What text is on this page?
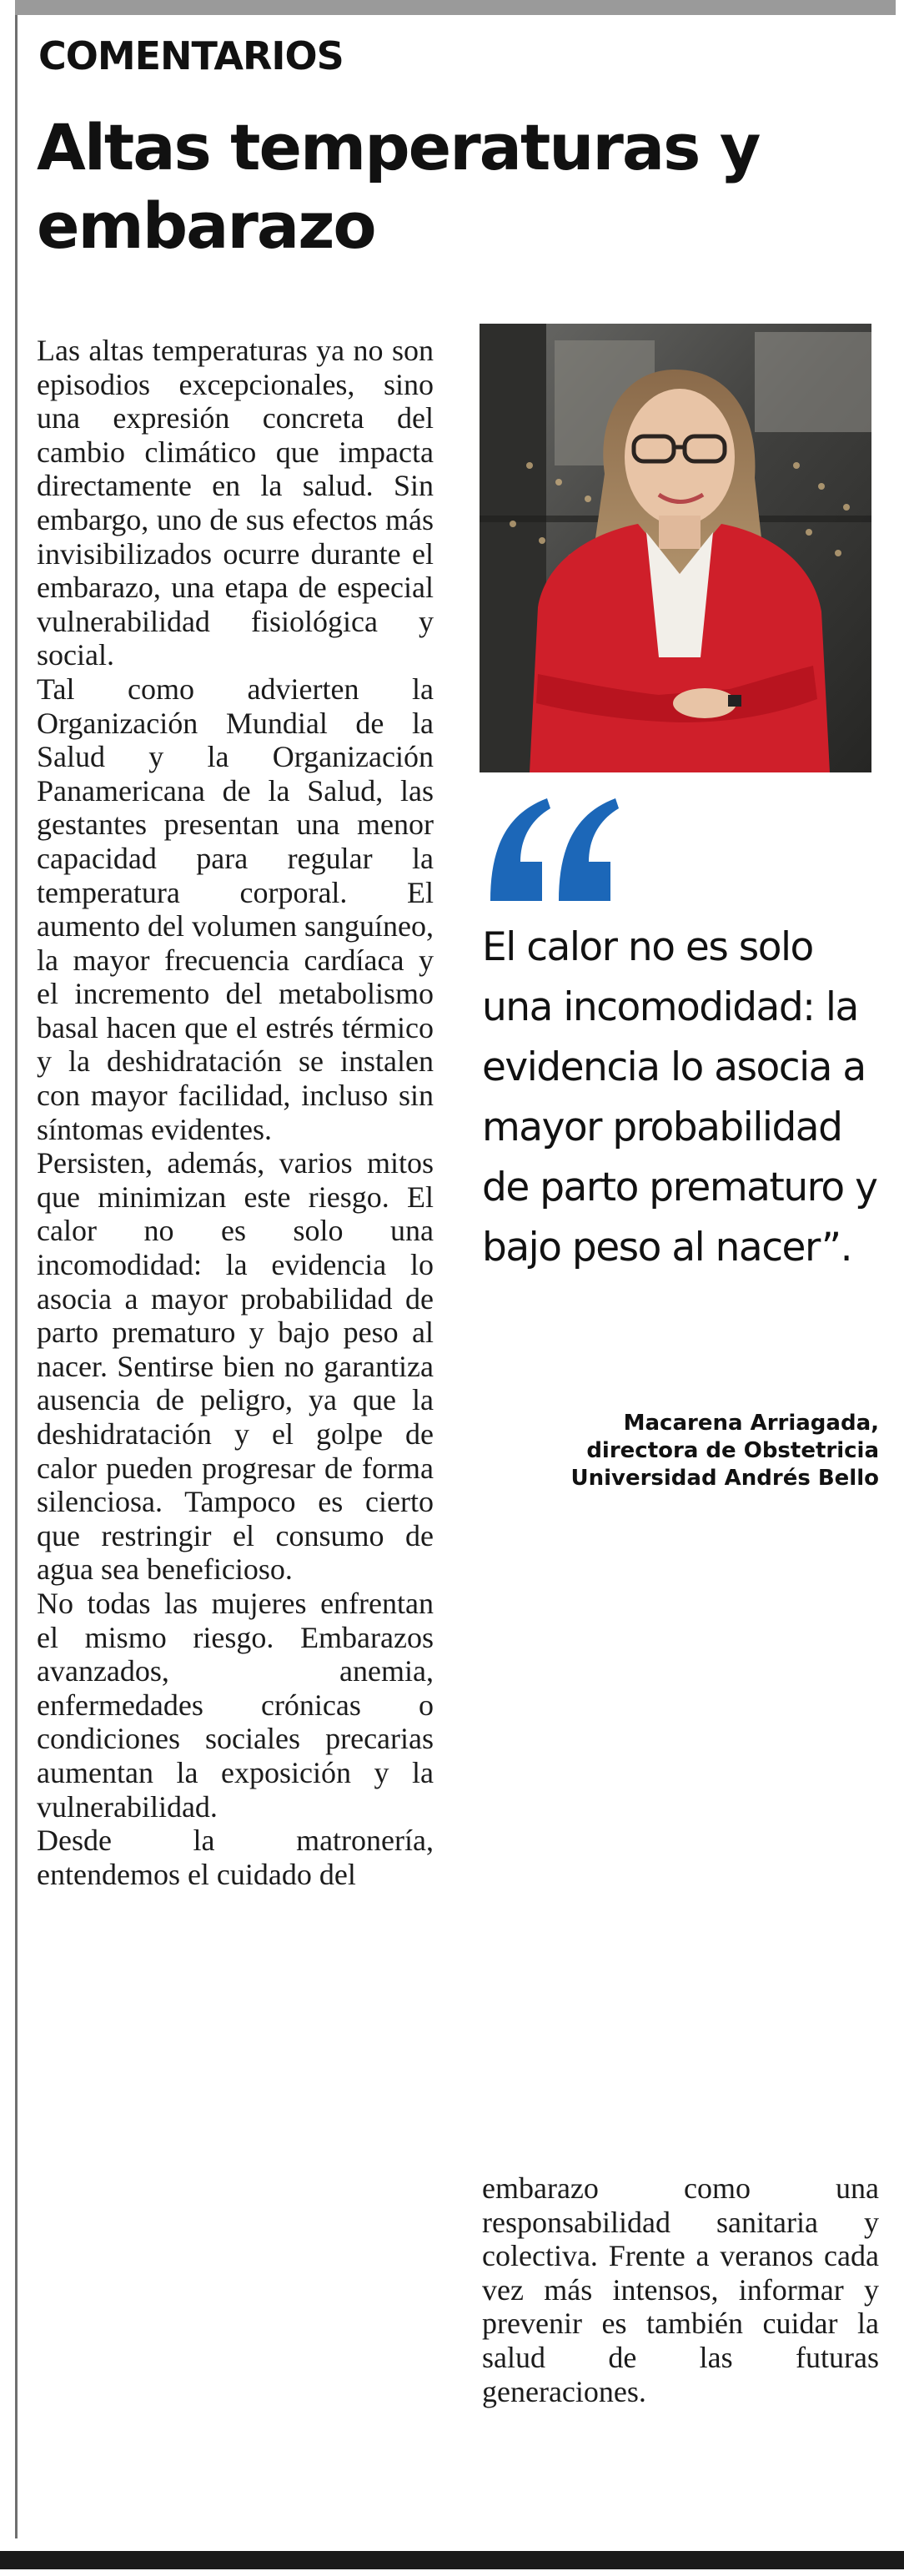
COMENTARIOS
Altas temperaturas y embarazo

Las altas temperaturas ya no son episodios excepcionales, sino una expresión concreta del cambio climático que impacta directamente en la salud. Sin embargo, uno de sus efectos más invisibilizados ocurre durante el embarazo, una etapa de especial vulnerabilidad fisiológica y social.

Tal como advierten la Organización Mundial de la Salud y la Organización Panamericana de la Salud, las gestantes presentan una menor capacidad para regular la temperatura corporal. El aumento del volumen sanguíneo, la mayor frecuencia cardíaca y el incremento del metabolismo basal hacen que el estrés térmico y la deshidratación se instalen con mayor facilidad, incluso sin síntomas evidentes.

Persisten, además, varios mitos que minimizan este riesgo. El calor no es solo una incomodidad: la evidencia lo asocia a mayor probabilidad de parto prematuro y bajo peso al nacer. Sentirse bien no garantiza ausencia de peligro, ya que la deshidratación y el golpe de calor pueden progresar de forma silenciosa. Tampoco es cierto que restringir el consumo de agua sea beneficioso.

No todas las mujeres enfrentan el mismo riesgo. Embarazos avanzados, anemia, enfermedades crónicas o condiciones sociales precarias aumentan la exposición y la vulnerabilidad.

Desde la matronería, entendemos el cuidado del

El calor no es solo una incomodidad: la evidencia lo asocia a mayor probabilidad de parto prematuro y bajo peso al nacer”.

Macarena Arriagada,
directora de Obstetricia
Universidad Andrés Bello

embarazo como una responsabilidad sanitaria y colectiva. Frente a veranos cada vez más intensos, informar y prevenir es también cuidar la salud de las futuras generaciones.
